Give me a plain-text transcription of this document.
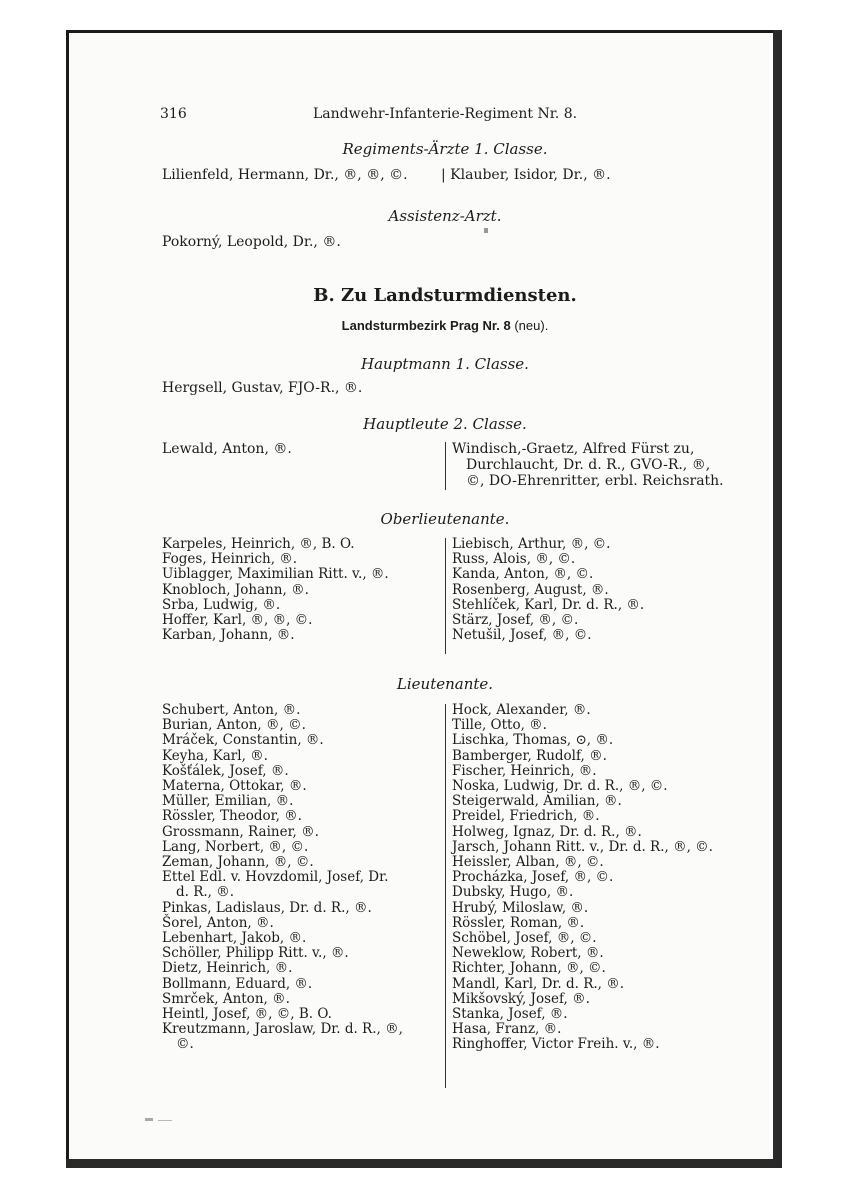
316	Landwehr-Infanterie-Regiment Nr. 8.
Regiments-Ärzte 1. Classe.
Lilienfeld, Hermann, Dr., ®, ®, ©. | Klauber, Isidor, Dr., ®.
Assistenz-Arzt.
Pokorný, Leopold, Dr., ®.
B. Zu Landsturmdiensten.
Landsturmbezirk Prag Nr. 8 (neu).
Hauptmann 1. Classe.
Hergsell, Gustav, FJO-R., ®.
Hauptleute 2. Classe.
Lewald, Anton, ®.	Windisch,-Graetz, Alfred Fürst zu,
Durchlaucht, Dr. d. R., GVO-R., ®,
©, DO-Ehrenritter, erbl. Reichsrath.
Oberlieutenante.
Karpeles, Heinrich, ®, B. O.
Foges, Heinrich, ®.
Uiblagger, Maximilian Ritt. v., ®.
Knobloch, Johann, ®.
Srba, Ludwig, ®.
Hoffer, Karl, ®, ®, ©.
Karban, Johann, ®.
Liebisch, Arthur, ®, ©.
Russ, Alois, ®, ©.
Kanda, Anton, ®, ©.
Rosenberg, August, ®.
Stehlíček, Karl, Dr. d. R., ®.
Stärz, Josef, ®, ©.
Netušil, Josef, ®, ©.
Lieutenante.
Schubert, Anton, ®.
Burian, Anton, ®, ©.
Mráček, Constantin, ®.
Keyha, Karl, ®.
Košťálek, Josef, ®.
Materna, Ottokar, ®.
Müller, Emilian, ®.
Rössler, Theodor, ®.
Grossmann, Rainer, ®.
Lang, Norbert, ®, ©.
Zeman, Johann, ®, ©.
Ettel Edl. v. Hovzdomil, Josef, Dr.
d. R., ®.
Pinkas, Ladislaus, Dr. d. R., ®.
Šorel, Anton, ®.
Lebenhart, Jakob, ®.
Schöller, Philipp Ritt. v., ®.
Dietz, Heinrich, ®.
Bollmann, Eduard, ®.
Smrček, Anton, ®.
Heintl, Josef, ®, ©, B. O.
Kreutzmann, Jaroslaw, Dr. d. R., ®,
©.
Hock, Alexander, ®.
Tille, Otto, ®.
Lischka, Thomas, ⊙, ®.
Bamberger, Rudolf, ®.
Fischer, Heinrich, ®.
Noska, Ludwig, Dr. d. R., ®, ©.
Steigerwald, Amilian, ®.
Preidel, Friedrich, ®.
Holweg, Ignaz, Dr. d. R., ®.
Jarsch, Johann Ritt. v., Dr. d. R., ®, ©.
Heissler, Alban, ®, ©.
Procházka, Josef, ®, ©.
Dubsky, Hugo, ®.
Hrubý, Miloslaw, ®.
Rössler, Roman, ®.
Schöbel, Josef, ®, ©.
Neweklow, Robert, ®.
Richter, Johann, ®, ©.
Mandl, Karl, Dr. d. R., ®.
Mikšovský, Josef, ®.
Stanka, Josef, ®.
Hasa, Franz, ®.
Ringhoffer, Victor Freih. v., ®.
